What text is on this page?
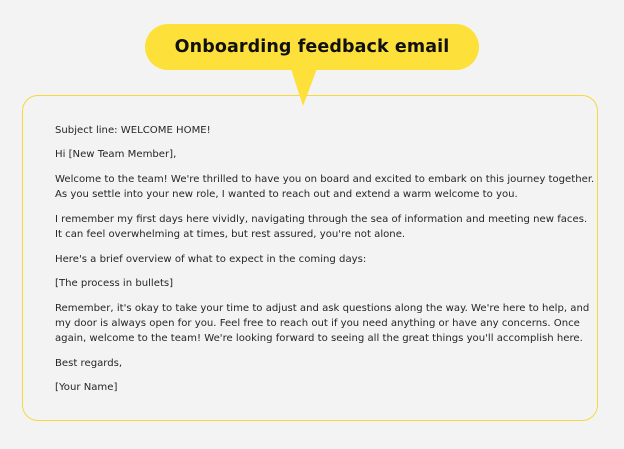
Onboarding feedback email

Subject line: WELCOME HOME!

Hi [New Team Member],

Welcome to the team! We're thrilled to have you on board and excited to embark on this journey together.
As you settle into your new role, I wanted to reach out and extend a warm welcome to you.

I remember my first days here vividly, navigating through the sea of information and meeting new faces.
It can feel overwhelming at times, but rest assured, you're not alone.

Here's a brief overview of what to expect in the coming days:

[The process in bullets]

Remember, it's okay to take your time to adjust and ask questions along the way. We're here to help, and
my door is always open for you. Feel free to reach out if you need anything or have any concerns. Once
again, welcome to the team! We're looking forward to seeing all the great things you'll accomplish here.

Best regards,

[Your Name]
